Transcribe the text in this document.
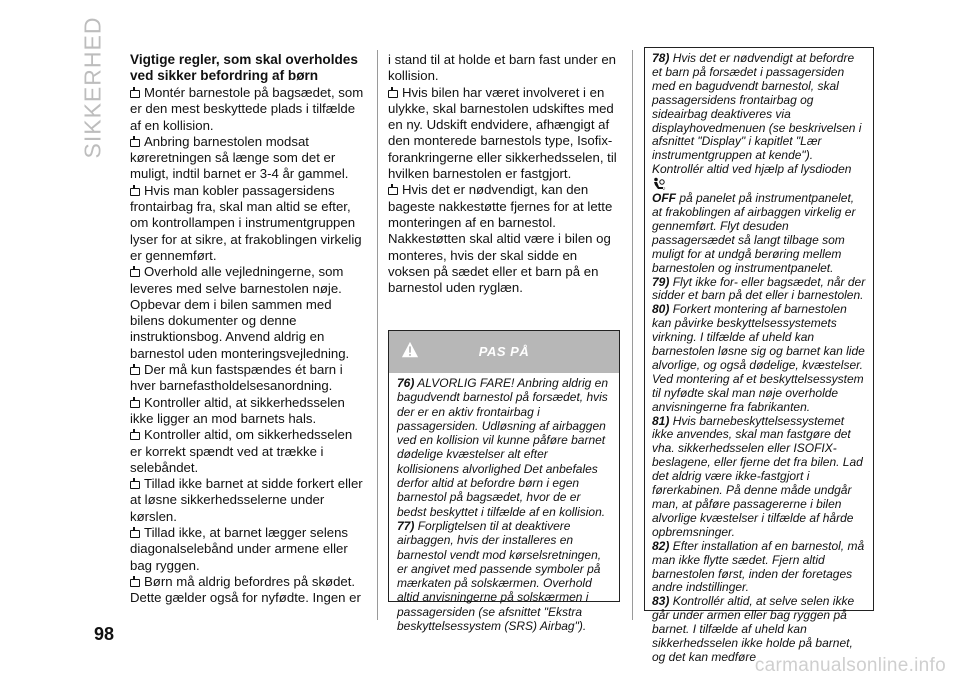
SIKKERHED Vigtige regler, som skal overholdes ved sikker befordring af børn

Montér barnestole på bagsædet, som er den mest beskyttede plads i tilfælde af en kollision.

Anbring barnestolen modsat køreretningen så længe som det er muligt, indtil barnet er 3-4 år gammel.

Hvis man kobler passagersidens frontairbag fra, skal man altid se efter, om kontrollampen i instrumentgruppen lyser for at sikre, at frakoblingen virkelig er gennemført.

Overhold alle vejledningerne, som leveres med selve barnestolen nøje. Opbevar dem i bilen sammen med bilens dokumenter og denne instruktionsbog. Anvend aldrig en barnestol uden monteringsvejledning.

Der må kun fastspændes ét barn i hver barnefastholdelsesanordning.

Kontroller altid, at sikkerhedsselen ikke ligger an mod barnets hals.

Kontroller altid, om sikkerhedsselen er korrekt spændt ved at trække i selebåndet.

Tillad ikke barnet at sidde forkert eller at løsne sikkerhedsselerne under kørslen.

Tillad ikke, at barnet lægger selens diagonalselebånd under armene eller bag ryggen.

Børn må aldrig befordres på skødet. Dette gælder også for nyfødte. Ingen er

i stand til at holde et barn fast under en kollision.

Hvis bilen har været involveret i en ulykke, skal barnestolen udskiftes med en ny. Udskift endvidere, afhængigt af den monterede barnestols type, Isofix-forankringerne eller sikkerhedsselen, til hvilken barnestolen er fastgjort.

Hvis det er nødvendigt, kan den bageste nakkestøtte fjernes for at lette monteringen af en barnestol. Nakkestøtten skal altid være i bilen og monteres, hvis der skal sidde en voksen på sædet eller et barn på en barnestol uden ryglæn.

PAS PÅ

76) ALVORLIG FARE! Anbring aldrig en bagudvendt barnestol på forsædet, hvis der er en aktiv frontairbag i passagersiden. Udløsning af airbaggen ved en kollision vil kunne påføre barnet dødelige kvæstelser alt efter kollisionens alvorlighed Det anbefales derfor altid at befordre børn i egen barnestol på bagsædet, hvor de er bedst beskyttet i tilfælde af en kollision.

77) Forpligtelsen til at deaktivere airbaggen, hvis der installeres en barnestol vendt mod kørselsretningen, er angivet med passende symboler på mærkaten på solskærmen. Overhold altid anvisningerne på solskærmen i passagersiden (se afsnittet "Ekstra beskyttelsessystem (SRS) Airbag").

78) Hvis det er nødvendigt at befordre et barn på forsædet i passagersiden med en bagudvendt barnestol, skal passagersidens frontairbag og sideairbag deaktiveres via displayhovedmenuen (se beskrivelsen i afsnittet "Display" i kapitlet "Lær instrumentgruppen at kende").

Kontrollér altid ved hjælp af lysdioden
2

OFF på panelet på instrumentpanelet, at frakoblingen af airbaggen virkelig er gennemført. Flyt desuden passagersædet så langt tilbage som muligt for at undgå berøring mellem barnestolen og instrumentpanelet.

79) Flyt ikke for- eller bagsædet, når der sidder et barn på det eller i barnestolen.

80) Forkert montering af barnestolen kan påvirke beskyttelsessystemets virkning. I tilfælde af uheld kan barnestolen løsne sig og barnet kan lide alvorlige, og også dødelige, kvæstelser. Ved montering af et beskyttelsessystem til nyfødte skal man nøje overholde anvisningerne fra fabrikanten.

81) Hvis barnebeskyttelsessystemet ikke anvendes, skal man fastgøre det vha. sikkerhedsselen eller ISOFIX-beslagene, eller fjerne det fra bilen. Lad det aldrig være ikke-fastgjort i førerkabinen. På denne måde undgår man, at påføre passagererne i bilen alvorlige kvæstelser i tilfælde af hårde opbremsninger.

82) Efter installation af en barnestol, må man ikke flytte sædet. Fjern altid barnestolen først, inden der foretages andre indstillinger.

83) Kontrollér altid, at selve selen ikke går under armen eller bag ryggen på barnet. I tilfælde af uheld kan sikkerhedsselen ikke holde på barnet, og det kan medføre

98
carmanualsonline.info
